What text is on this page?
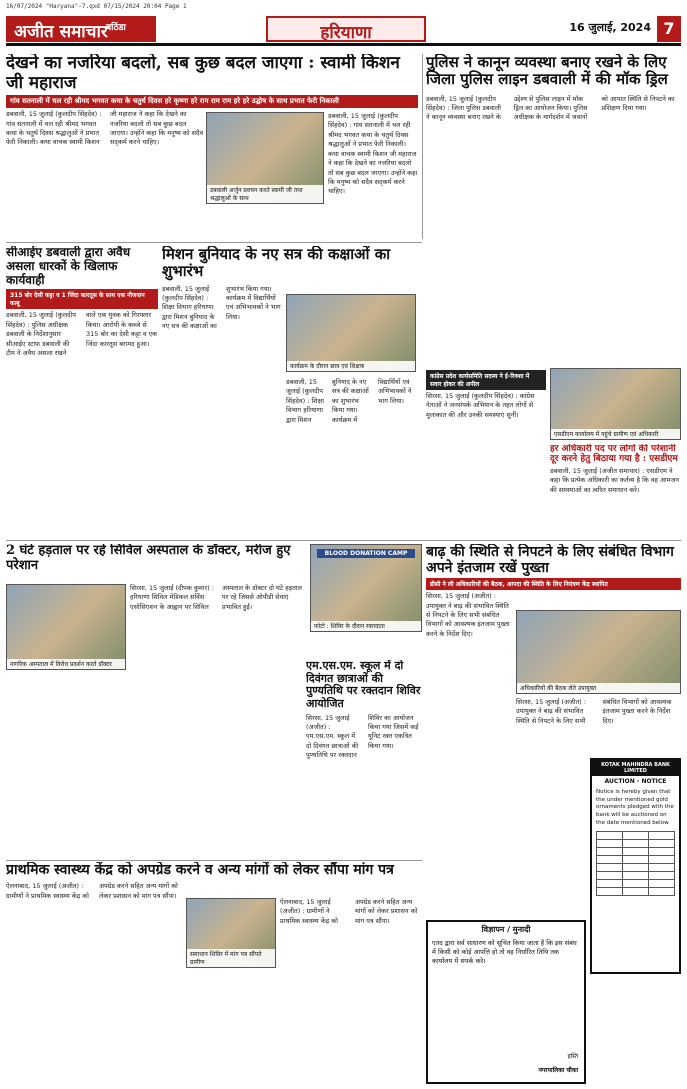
16/07/2024 "Haryana"-7.qxd 07/15/2024 20:04 Page 1
अजीत समाचार
बठिंडा	हरियाणा	16 जुलाई, 2024 7
देखने का नजरिया बदलो, सब कुछ बदल जाएगा : स्वामी किशन जी महाराज
गांव सतनाली में चल रही श्रीमद भगवत कथा के चतुर्थ दिवस हरे कृष्णा हरे राम राम राम हरे हरे उद्घोष के साथ प्रभात फेरी निकाली
डबवाली, 15 जुलाई (कुलदीप सिंहदेव) : गांव सतनाली में चल रही श्रीमद भगवत कथा के चतुर्थ दिवस श्रद्धालुओं ने प्रभात फेरी निकाली। कथा वाचक स्वामी किशन जी महाराज ने कहा कि देखने का नजरिया बदलो तो सब कुछ बदल जाएगा। उन्होंने कहा कि मनुष्य को सदैव सद्कर्म करने चाहिए।
डबवाली अर्जुन प्रवचन करते स्वामी जी तथा श्रद्धालुओं के साथ
डबवाली, 15 जुलाई (कुलदीप सिंहदेव) : गांव सतनाली में चल रही श्रीमद भगवत कथा के चतुर्थ दिवस श्रद्धालुओं ने प्रभात फेरी निकाली। कथा वाचक स्वामी किशन जी महाराज ने कहा कि देखने का नजरिया बदलो तो सब कुछ बदल जाएगा। उन्होंने कहा कि मनुष्य को सदैव सद्कर्म करने चाहिए।
पुलिस ने कानून व्यवस्था बनाए रखने के लिए जिला पुलिस लाइन डबवाली में की मॉक ड्रिल
डबवाली, 15 जुलाई (कुलदीप सिंहदेव) : जिला पुलिस डबवाली ने कानून व्यवस्था बनाए रखने के उद्देश्य से पुलिस लाइन में मॉक ड्रिल का आयोजन किया। पुलिस अधीक्षक के मार्गदर्शन में जवानों को आपात स्थिति से निपटने का प्रशिक्षण दिया गया।
सीआईए डबवाली द्वारा अवैध असला धारकों के खिलाफ कार्यवाही
315 बोर देसी कट्टा व 1 जिंदा कारतूस के साथ एक नौजवान काबू
डबवाली, 15 जुलाई (कुलदीप सिंहदेव) : पुलिस अधीक्षक डबवाली के निर्देशानुसार सीआईए स्टाफ डबवाली की टीम ने अवैध असला रखने वाले एक युवक को गिरफ्तार किया। आरोपी के कब्जे से 315 बोर का देसी कट्टा व एक जिंदा कारतूस बरामद हुआ।
मिशन बुनियाद के नए सत्र की कक्षाओं का शुभारंभ
डबवाली, 15 जुलाई (कुलदीप सिंहदेव) : शिक्षा विभाग हरियाणा द्वारा मिशन बुनियाद के नए सत्र की कक्षाओं का शुभारंभ किया गया। कार्यक्रम में विद्यार्थियों एवं अभिभावकों ने भाग लिया।
कार्यक्रम के दौरान छात्र एवं शिक्षक
डबवाली, 15 जुलाई (कुलदीप सिंहदेव) : शिक्षा विभाग हरियाणा द्वारा मिशन बुनियाद के नए सत्र की कक्षाओं का शुभारंभ किया गया। कार्यक्रम में विद्यार्थियों एवं अभिभावकों ने भाग लिया।
कांग्रेस प्रदेश कार्यसमिति सदस्य ने ई-रिक्शा में सवार होकर की अपील
सिरसा, 15 जुलाई (कुलदीप सिंहदेव) : कांग्रेस नेताओं ने जनसंपर्क अभियान के तहत लोगों से मुलाकात की और उनकी समस्याएं सुनीं।
एसडीएम कार्यालय में पहुंचे ग्रामीण एवं अधिकारी
हर अधिकारी पद पर लोगों की परेशानी दूर करने हेतु बिठाया गया है : एसडीएम
डबवाली, 15 जुलाई (अजीत समाचार) : एसडीएम ने कहा कि प्रत्येक अधिकारी का कर्तव्य है कि वह आमजन की समस्याओं का त्वरित समाधान करे।
2 घंटे हड़ताल पर रहे सिविल अस्पताल के डॉक्टर, मरीज हुए परेशान
नागरिक अस्पताल में विरोध प्रदर्शन करते डॉक्टर
सिरसा, 15 जुलाई (दीपक कुमार) : हरियाणा सिविल मेडिकल सर्विस एसोसिएशन के आह्वान पर सिविल अस्पताल के डॉक्टर दो घंटे हड़ताल पर रहे जिससे ओपीडी सेवाएं प्रभावित हुईं।
BLOOD DONATION CAMP
फोटो : शिविर के दौरान रक्तदाता
एम.एस.एम. स्कूल में दो दिवंगत छात्राओं की पुण्यतिथि पर रक्तदान शिविर आयोजित
सिरसा, 15 जुलाई (अजीत) : एम.एस.एम. स्कूल में दो दिवंगत छात्राओं की पुण्यतिथि पर रक्तदान शिविर का आयोजन किया गया जिसमें कई यूनिट रक्त एकत्रित किया गया।
बाढ़ की स्थिति से निपटने के लिए संबंधित विभाग अपने इंतजाम रखें पुख्ता
डीसी ने ली अधिकारियों की बैठक, आपदा की स्थिति के लिए नियंत्रण केंद्र स्थापित
सिरसा, 15 जुलाई (अजीत) : उपायुक्त ने बाढ़ की संभावित स्थिति से निपटने के लिए सभी संबंधित विभागों को आवश्यक इंतजाम पुख्ता करने के निर्देश दिए।
अधिकारियों की बैठक लेते उपायुक्त
सिरसा, 15 जुलाई (अजीत) : उपायुक्त ने बाढ़ की संभावित स्थिति से निपटने के लिए सभी संबंधित विभागों को आवश्यक इंतजाम पुख्ता करने के निर्देश दिए।
प्राथमिक स्वास्थ्य केंद्र को अपग्रेड करने व अन्य मांगों को लेकर सौंपा मांग पत्र
ऐलनाबाद, 15 जुलाई (अजीत) : ग्रामीणों ने प्राथमिक स्वास्थ्य केंद्र को अपग्रेड करने सहित अन्य मांगों को लेकर प्रशासन को मांग पत्र सौंपा।
समाधान शिविर में मांग पत्र सौंपते ग्रामीण
ऐलनाबाद, 15 जुलाई (अजीत) : ग्रामीणों ने प्राथमिक स्वास्थ्य केंद्र को अपग्रेड करने सहित अन्य मांगों को लेकर प्रशासन को मांग पत्र सौंपा।
KOTAK MAHINDRA BANK LIMITED
AUCTION - NOTICE
Notice is hereby given that the under mentioned gold ornaments pledged with the bank will be auctioned on the date mentioned below.

विज्ञापन / मुनादी
एतद द्वारा सर्व साधारण को सूचित किया जाता है कि इस संबंध में किसी को कोई आपत्ति हो तो वह निर्धारित तिथि तक कार्यालय में संपर्क करे।
हस्ति
नगरपालिका चौका
